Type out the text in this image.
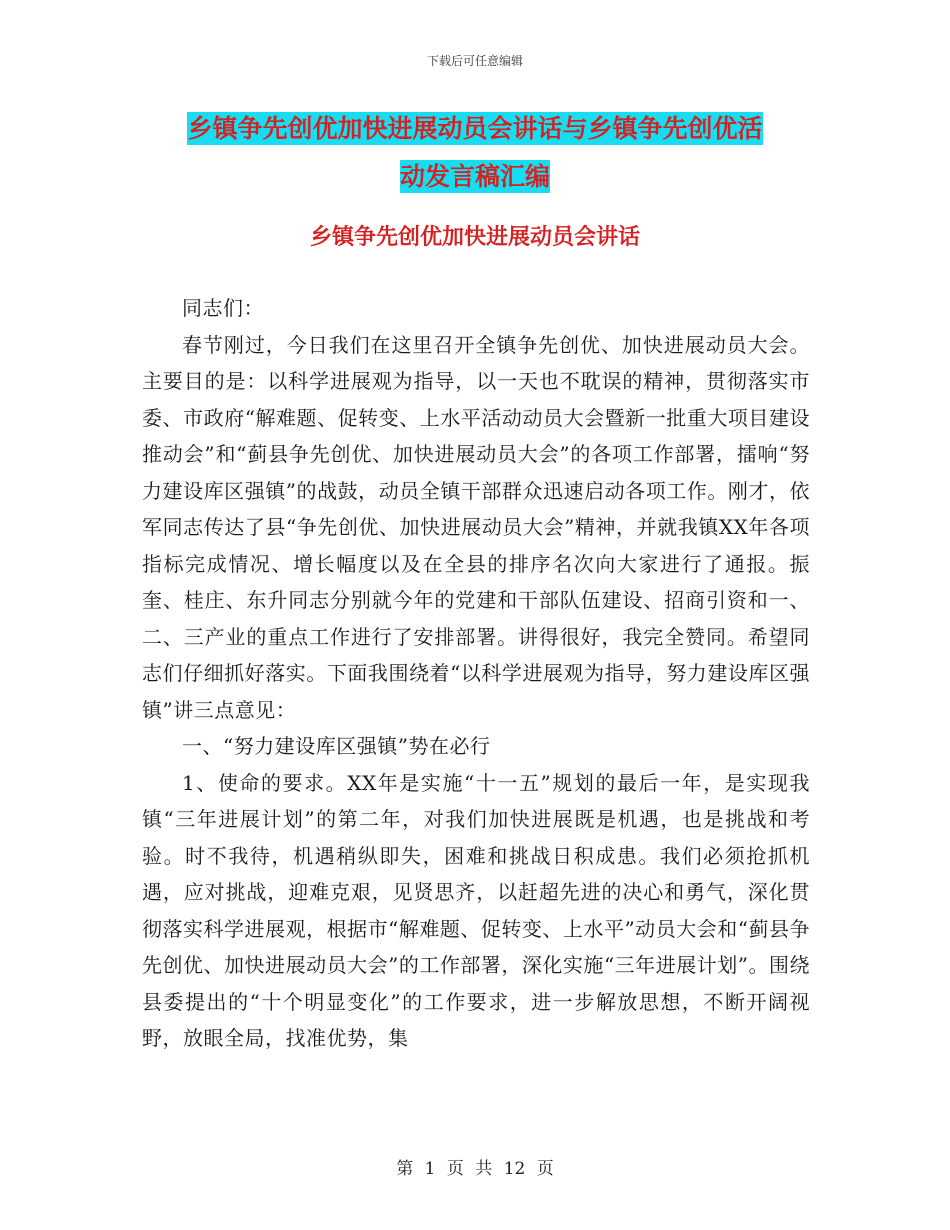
下载后可任意编辑
乡镇争先创优加快进展动员会讲话与乡镇争先创优活
动发言稿汇编
乡镇争先创优加快进展动员会讲话

同志们：

春节刚过，今日我们在这里召开全镇争先创优、加快进展动员大会。主要目的是：以科学进展观为指导，以一天也不耽误的精神，贯彻落实市委、市政府“解难题、促转变、上水平活动动员大会暨新一批重大项目建设推动会”和“蓟县争先创优、加快进展动员大会”的各项工作部署，擂响“努力建设库区强镇”的战鼓，动员全镇干部群众迅速启动各项工作。刚才，依军同志传达了县“争先创优、加快进展动员大会”精神，并就我镇XX年各项指标完成情况、增长幅度以及在全县的排序名次向大家进行了通报。振奎、桂庄、东升同志分别就今年的党建和干部队伍建设、招商引资和一、二、三产业的重点工作进行了安排部署。讲得很好，我完全赞同。希望同志们仔细抓好落实。下面我围绕着“以科学进展观为指导，努力建设库区强镇”讲三点意见：

一、“努力建设库区强镇”势在必行

1、使命的要求。XX年是实施“十一五”规划的最后一年，是实现我镇“三年进展计划”的第二年，对我们加快进展既是机遇，也是挑战和考验。时不我待，机遇稍纵即失，困难和挑战日积成患。我们必须抢抓机遇，应对挑战，迎难克艰，见贤思齐，以赶超先进的决心和勇气，深化贯彻落实科学进展观，根据市“解难题、促转变、上水平”动员大会和“蓟县争先创优、加快进展动员大会”的工作部署，深化实施“三年进展计划”。围绕县委提出的“十个明显变化”的工作要求，进一步解放思想，不断开阔视野，放眼全局，找准优势，集

第 1 页 共 12 页
